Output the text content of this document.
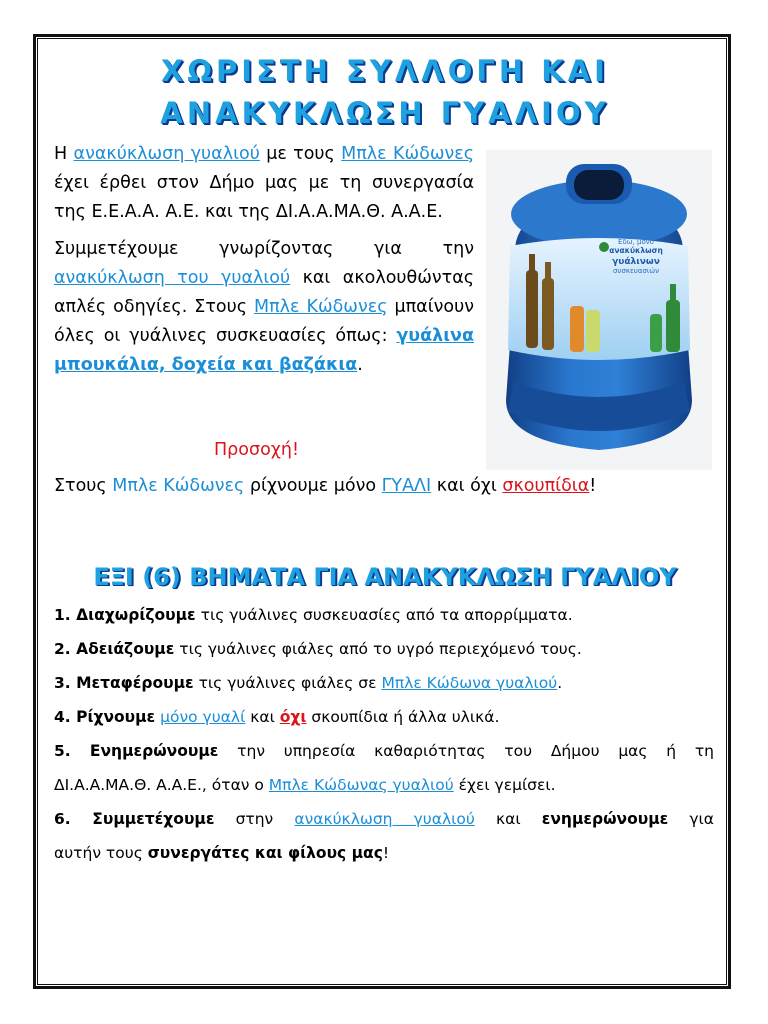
ΧΩΡΙΣΤΗ ΣΥΛΛΟΓΗ ΚΑΙ
ΑΝΑΚΥΚΛΩΣΗ ΓΥΑΛΙΟΥ

Η ανακύκλωση γυαλιού με τους Μπλε Κώδωνες έχει έρθει στον Δήμο μας με τη συνεργασία της Ε.Ε.Α.Α. Α.Ε. και της ΔΙ.Α.Α.ΜΑ.Θ. Α.Α.Ε.

Συμμετέχουμε γνωρίζοντας για την ανακύκλωση του γυαλιού και ακολουθώντας απλές οδηγίες. Στους Μπλε Κώδωνες μπαίνουν όλες οι γυάλινες συσκευασίες όπως: γυάλινα μπουκάλια, δοχεία και βαζάκια.

Εδώ, μόνο
ανακύκλωση
γυάλινων
συσκευασιών
Προσοχή!
Στους Μπλε Κώδωνες ρίχνουμε μόνο ΓΥΑΛΙ και όχι σκουπίδια!
ΕΞΙ (6) ΒΗΜΑΤΑ ΓΙΑ ΑΝΑΚΥΚΛΩΣΗ ΓΥΑΛΙΟΥ

1. Διαχωρίζουμε τις γυάλινες συσκευασίες από τα απορρίμματα.

2. Αδειάζουμε τις γυάλινες φιάλες από το υγρό περιεχόμενό τους.

3. Μεταφέρουμε τις γυάλινες φιάλες σε Μπλε Κώδωνα γυαλιού.

4. Ρίχνουμε μόνο γυαλί και όχι σκουπίδια ή άλλα υλικά.

5. Ενημερώνουμε την υπηρεσία καθαριότητας του Δήμου μας ή τη

ΔΙ.Α.Α.ΜΑ.Θ. Α.Α.Ε., όταν ο Μπλε Κώδωνας γυαλιού έχει γεμίσει.

6. Συμμετέχουμε στην ανακύκλωση γυαλιού και ενημερώνουμε για

αυτήν τους συνεργάτες και φίλους μας!
